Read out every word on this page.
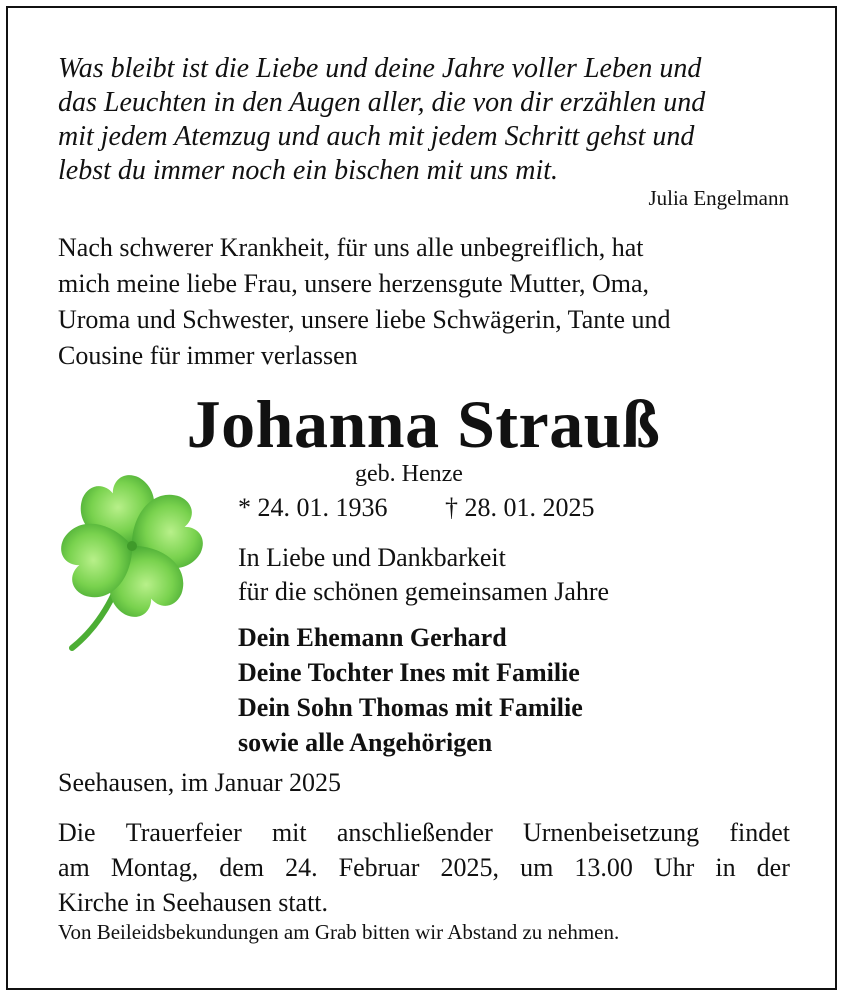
Was bleibt ist die Liebe und deine Jahre voller Leben und
das Leuchten in den Augen aller, die von dir erzählen und
mit jedem Atemzug und auch mit jedem Schritt gehst und
lebst du immer noch ein bischen mit uns mit.
Julia Engelmann
Nach schwerer Krankheit, für uns alle unbegreiflich, hat
mich meine liebe Frau, unsere herzensgute Mutter, Oma,
Uroma und Schwester, unsere liebe Schwägerin, Tante und
Cousine für immer verlassen
Johanna Strauß
geb. Henze
* 24. 01. 1936 † 28. 01. 2025
In Liebe und Dankbarkeit
für die schönen gemeinsamen Jahre
Dein Ehemann Gerhard
Deine Tochter Ines mit Familie
Dein Sohn Thomas mit Familie
sowie alle Angehörigen
Seehausen, im Januar 2025
Die Trauerfeier mit anschließender Urnenbeisetzung findet
am Montag, dem 24. Februar 2025, um 13.00 Uhr in der
Kirche in Seehausen statt.
Von Beileidsbekundungen am Grab bitten wir Abstand zu nehmen.
